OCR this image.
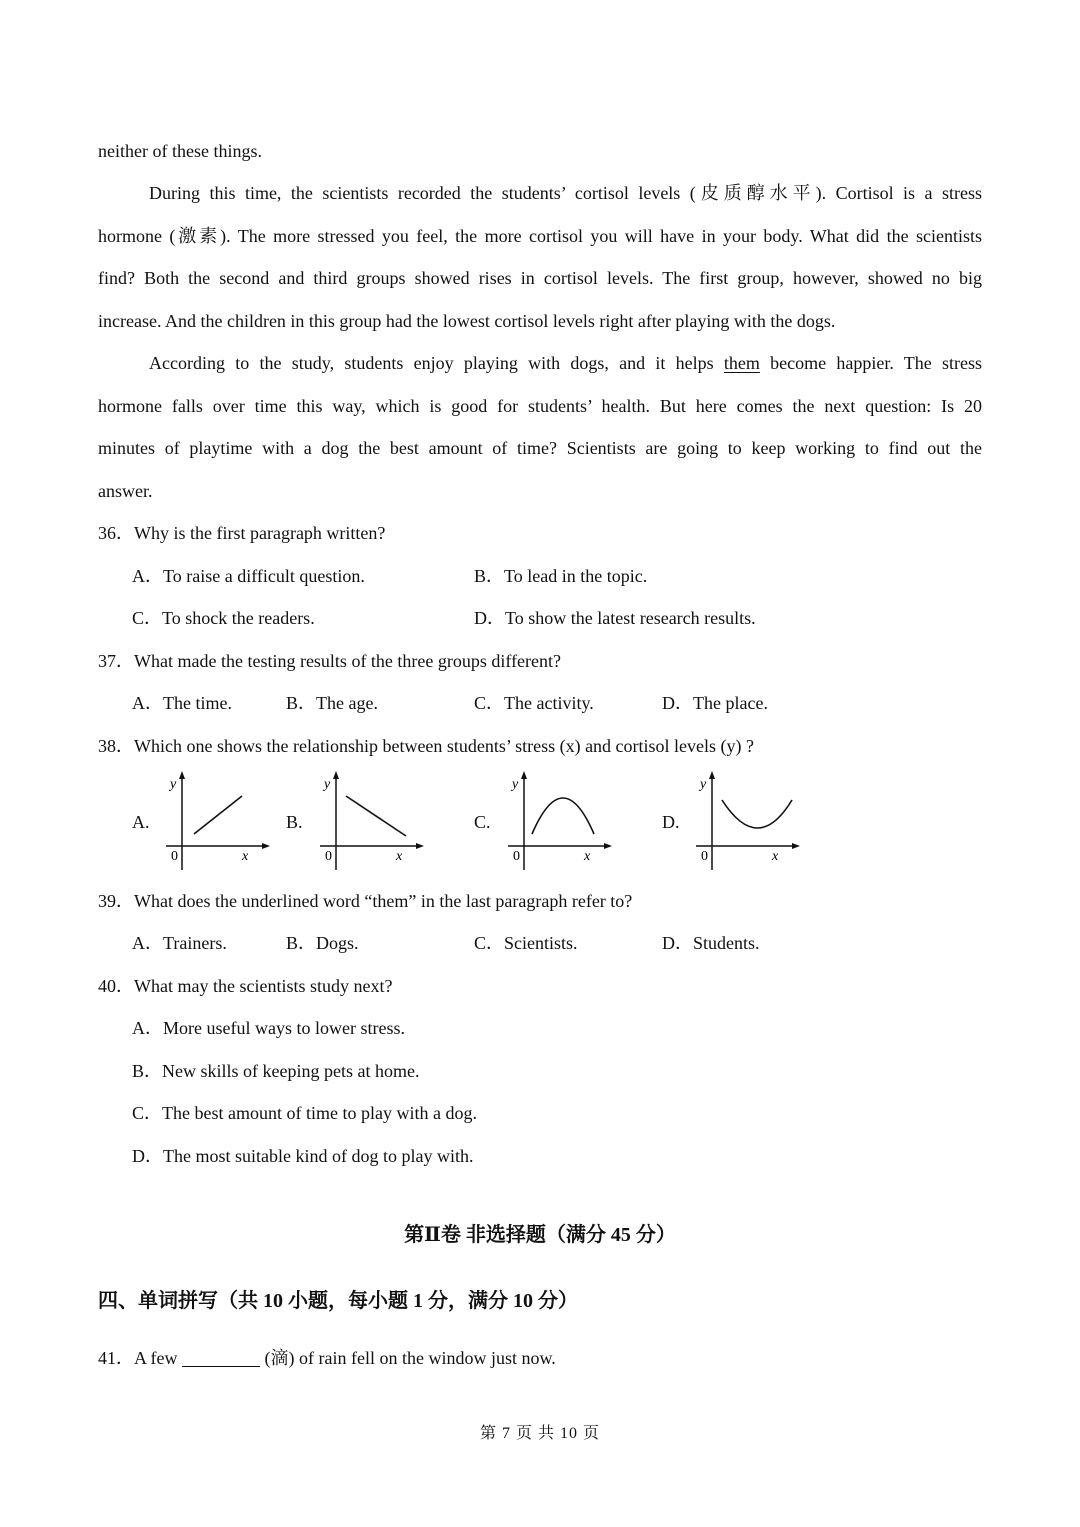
neither of these things.
During this time, the scientists recorded the students’ cortisol levels (皮质醇水平). Cortisol is a stress
hormone (激素). The more stressed you feel, the more cortisol you will have in your body. What did the scientists
find? Both the second and third groups showed rises in cortisol levels. The first group, however, showed no big
increase. And the children in this group had the lowest cortisol levels right after playing with the dogs.
According to the study, students enjoy playing with dogs, and it helps them become happier. The stress
hormone falls over time this way, which is good for students’ health. But here comes the next question: Is 20
minutes of playtime with a dog the best amount of time? Scientists are going to keep working to find out the
answer.
36．Why is the first paragraph written?
A．To raise a difficult question.	B．To lead in the topic.
C．To shock the readers.	D．To show the latest research results.
37．What made the testing results of the three groups different?
A．The time.	B．The age.	C．The activity.	D．The place.
38．Which one shows the relationship between students’ stress (x) and cortisol levels (y) ?
A.
y
x
0
B.
y
x
0
C.
y
x
0
D.
y
x
0
39．What does the underlined word “them” in the last paragraph refer to?
A．Trainers.	B．Dogs.	C．Scientists.	D．Students.
40．What may the scientists study next?
A．More useful ways to lower stress.
B．New skills of keeping pets at home.
C．The best amount of time to play with a dog.
D．The most suitable kind of dog to play with.
第Ⅱ卷 非选择题（满分 45 分）
四、单词拼写（共 10 小题，每小题 1 分，满分 10 分）
41．A few	(滴) of rain fell on the window just now.
第 7 页 共 10 页
